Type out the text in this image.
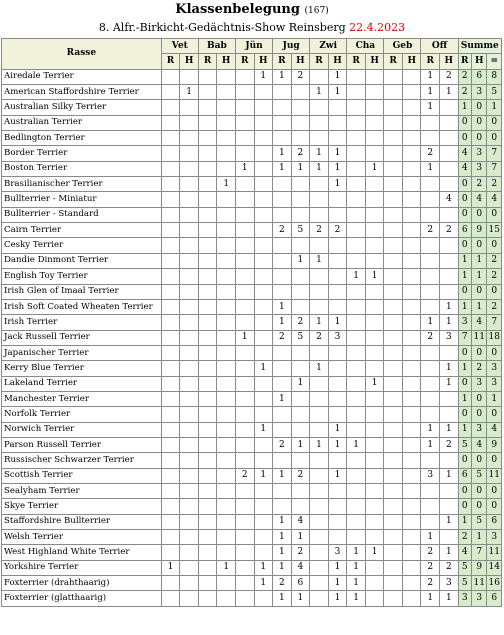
Klassenbelegung (167)
8. Alfr.-Birkicht-Gedächtnis-Show Reinsberg 22.4.2023
Rasse	Vet		Bab		Jün		Jug		Zwi		Cha		Geb		Off		Summe		
	R	H	R	H	R	H	R	H	R	H	R	H	R	H	R	H	R	H	=
Airedale Terrier						1	1	2		1					1	2	2	6	8
American Staffordshire Terrier		1							1	1					1	1	2	3	5
Australian Silky Terrier															1		1	0	1
Australian Terrier																	0	0	0
Bedlington Terrier																	0	0	0
Border Terrier							1	2	1	1					2		4	3	7
Boston Terrier					1		1	1	1	1		1			1		4	3	7
Brasilianischer Terrier				1						1							0	2	2
Bullterrier - Miniatur																4	0	4	4
Bullterrier - Standard																	0	0	0
Cairn Terrier							2	5	2	2					2	2	6	9	15
Cesky Terrier																	0	0	0
Dandie Dinmont Terrier								1	1								1	1	2
English Toy Terrier											1	1					1	1	2
Irish Glen of Imaal Terrier																	0	0	0
Irish Soft Coated Wheaten Terrier							1									1	1	1	2
Irish Terrier							1	2	1	1					1	1	3	4	7
Jack Russell Terrier					1		2	5	2	3					2	3	7	11	18
Japanischer Terrier																	0	0	0
Kerry Blue Terrier						1			1							1	1	2	3
Lakeland Terrier								1				1				1	0	3	3
Manchester Terrier							1										1	0	1
Norfolk Terrier																	0	0	0
Norwich Terrier						1				1					1	1	1	3	4
Parson Russell Terrier							2	1	1	1	1				1	2	5	4	9
Russischer Schwarzer Terrier																	0	0	0
Scottish Terrier					2	1	1	2		1					3	1	6	5	11
Sealyham Terrier																	0	0	0
Skye Terrier																	0	0	0
Staffordshire Bullterrier							1	4								1	1	5	6
Welsh Terrier							1	1							1		2	1	3
West Highland White Terrier							1	2		3	1	1			2	1	4	7	11
Yorkshire Terrier	1			1		1	1	4		1	1				2	2	5	9	14
Foxterrier (drahthaarig)						1	2	6		1	1				2	3	5	11	16
Foxterrier (glatthaarig)							1	1		1	1				1	1	3	3	6
